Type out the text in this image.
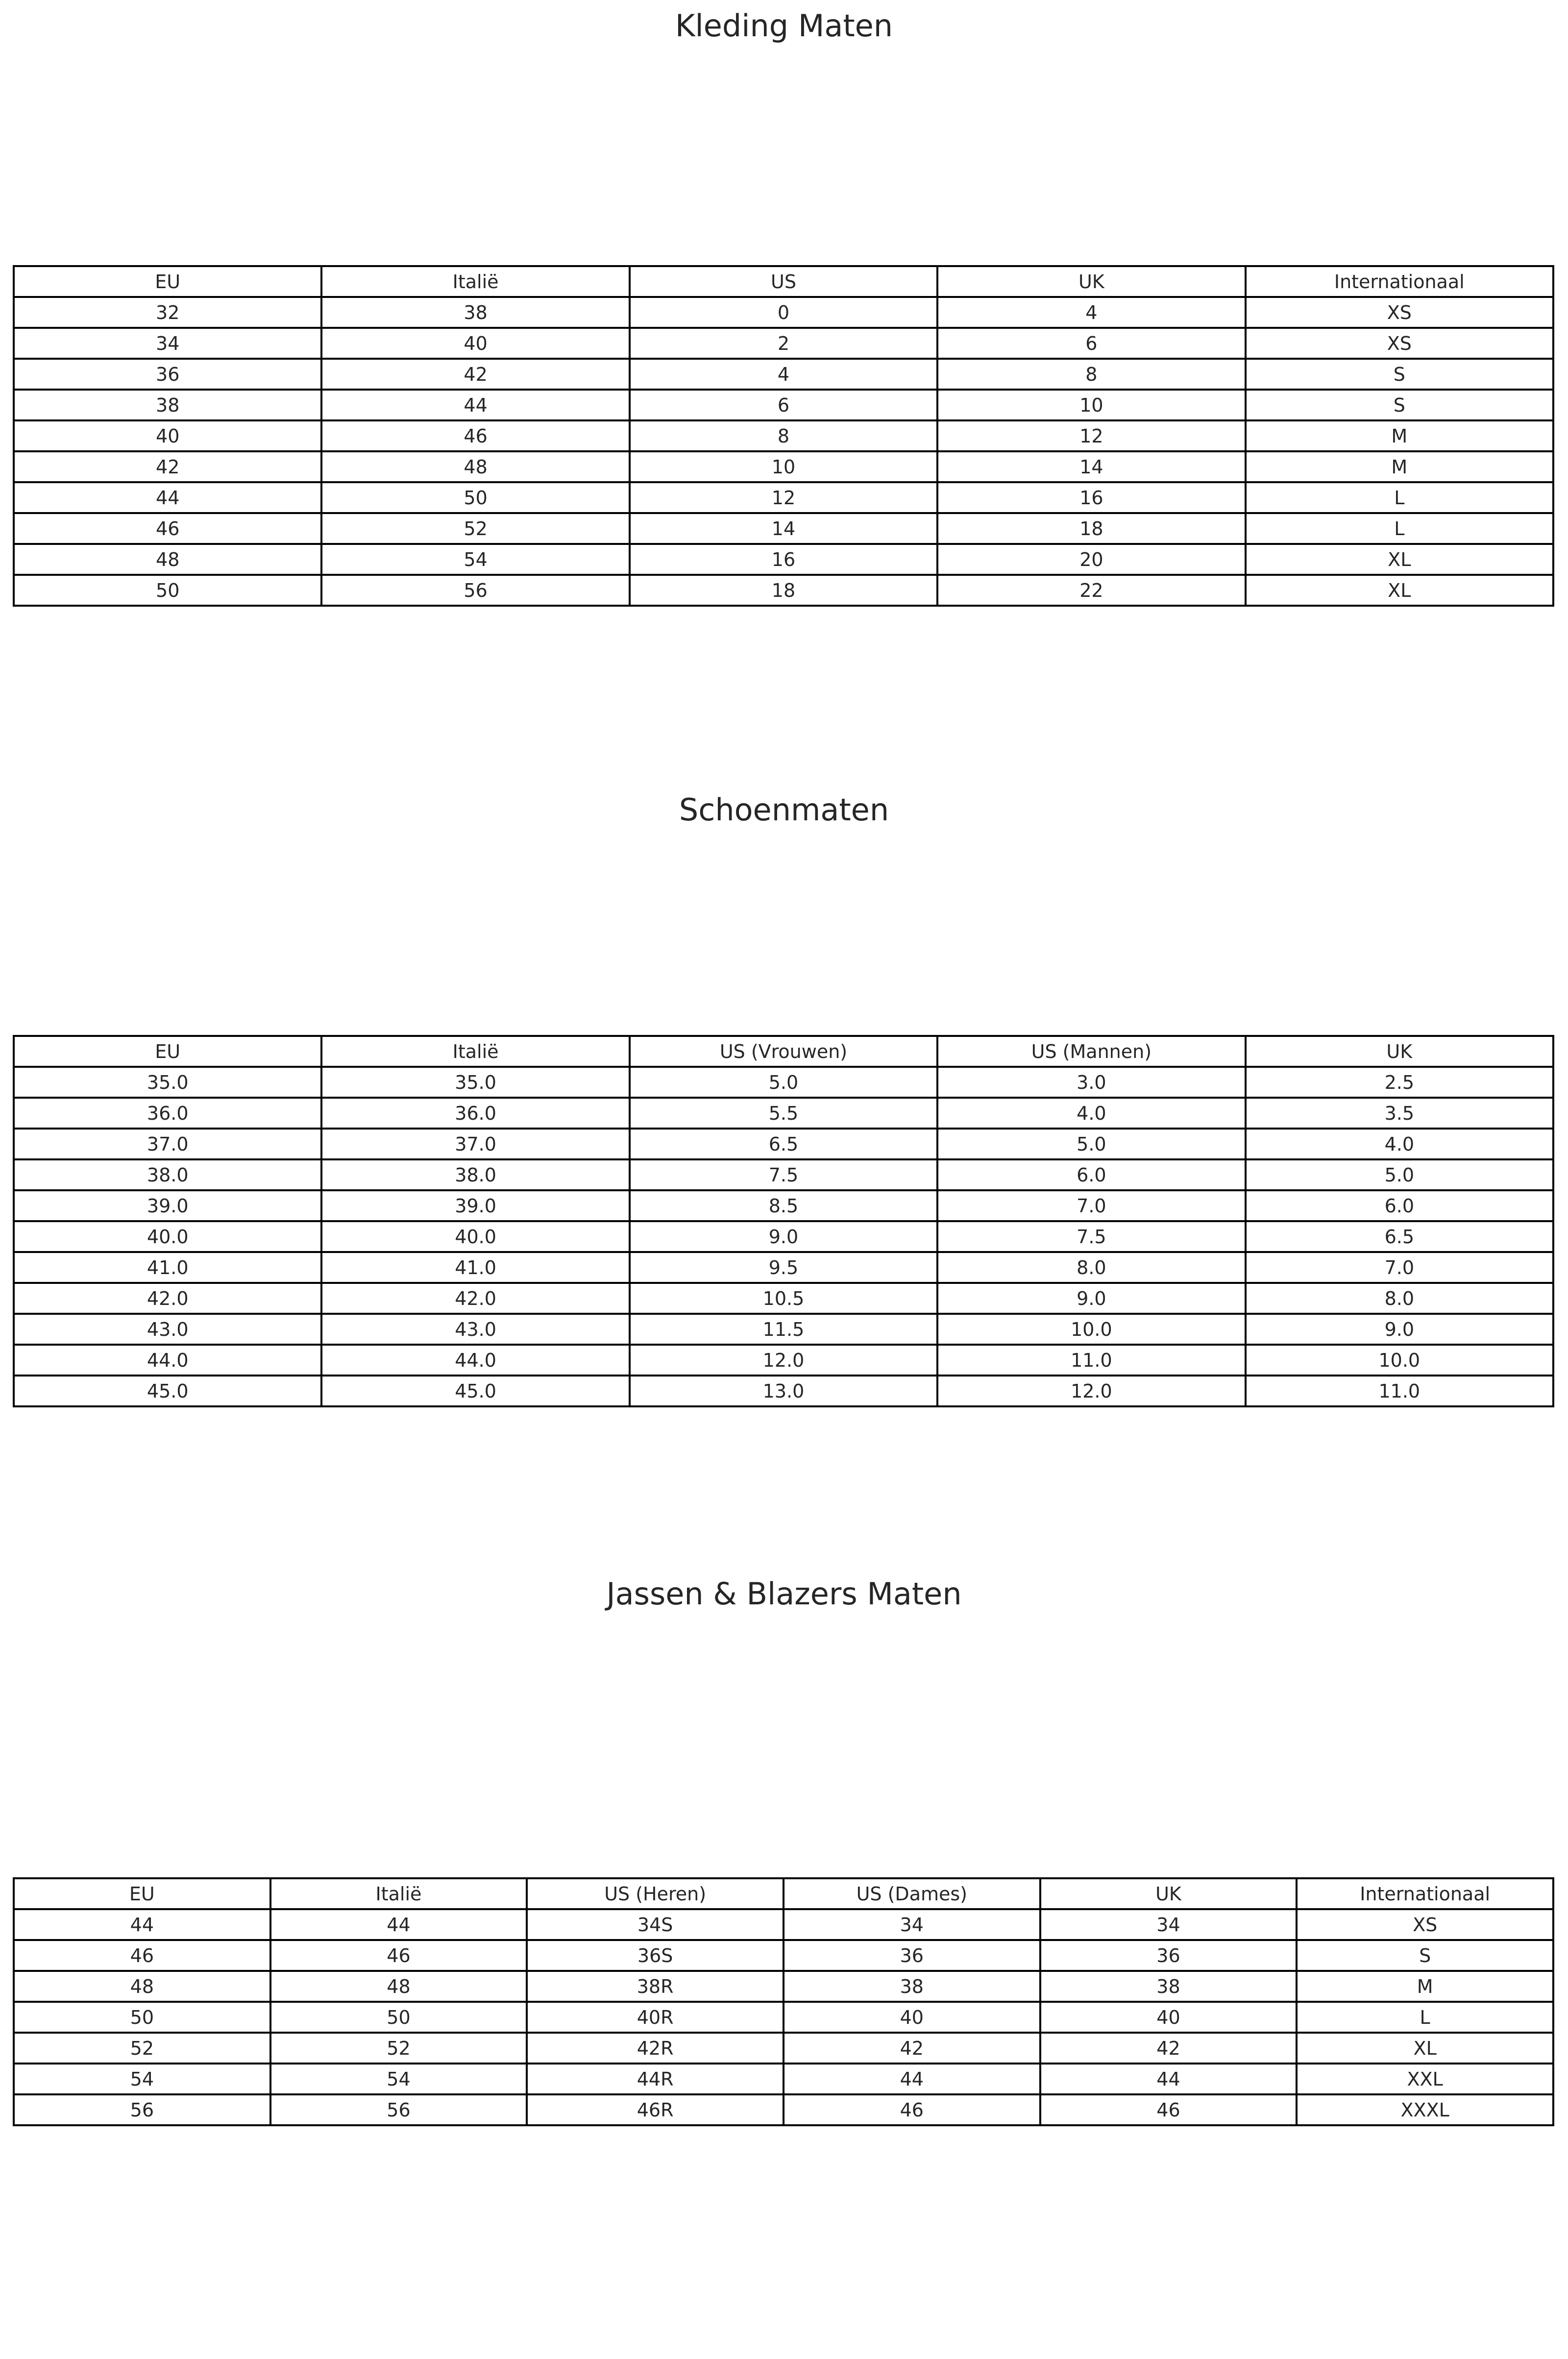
Kleding Maten
EU	Italië	US	UK	Internationaal
32	38	0	4	XS
34	40	2	6	XS
36	42	4	8	S
38	44	6	10	S
40	46	8	12	M
42	48	10	14	M
44	50	12	16	L
46	52	14	18	L
48	54	16	20	XL
50	56	18	22	XL
Schoenmaten
EU	Italië	US (Vrouwen)	US (Mannen)	UK
35.0	35.0	5.0	3.0	2.5
36.0	36.0	5.5	4.0	3.5
37.0	37.0	6.5	5.0	4.0
38.0	38.0	7.5	6.0	5.0
39.0	39.0	8.5	7.0	6.0
40.0	40.0	9.0	7.5	6.5
41.0	41.0	9.5	8.0	7.0
42.0	42.0	10.5	9.0	8.0
43.0	43.0	11.5	10.0	9.0
44.0	44.0	12.0	11.0	10.0
45.0	45.0	13.0	12.0	11.0
Jassen & Blazers Maten
EU	Italië	US (Heren)	US (Dames)	UK	Internationaal
44	44	34S	34	34	XS
46	46	36S	36	36	S
48	48	38R	38	38	M
50	50	40R	40	40	L
52	52	42R	42	42	XL
54	54	44R	44	44	XXL
56	56	46R	46	46	XXXL
